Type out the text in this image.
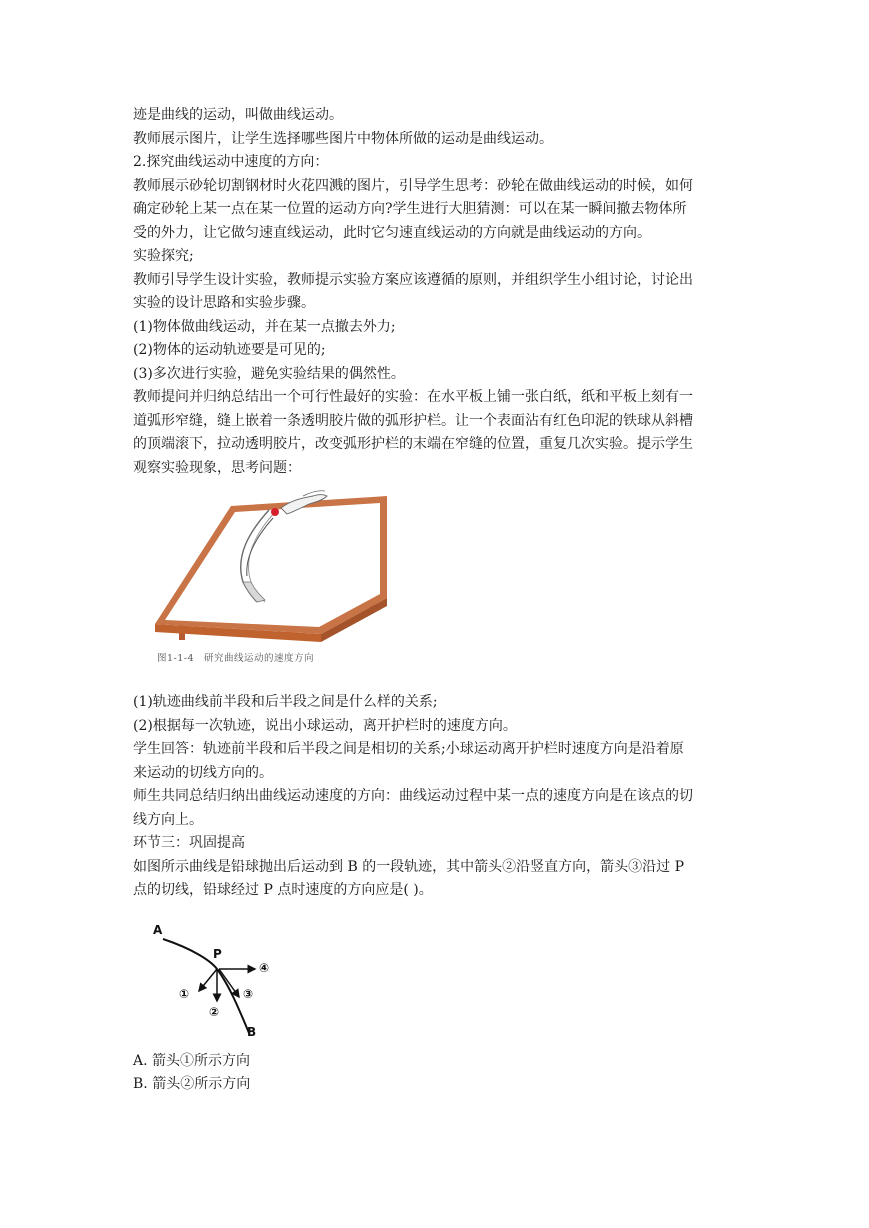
迹是曲线的运动，叫做曲线运动。
教师展示图片，让学生选择哪些图片中物体所做的运动是曲线运动。
2.探究曲线运动中速度的方向：
教师展示砂轮切割钢材时火花四溅的图片，引导学生思考：砂轮在做曲线运动的时候，如何
确定砂轮上某一点在某一位置的运动方向?学生进行大胆猜测：可以在某一瞬间撤去物体所
受的外力，让它做匀速直线运动，此时它匀速直线运动的方向就是曲线运动的方向。
实验探究;
教师引导学生设计实验，教师提示实验方案应该遵循的原则，并组织学生小组讨论，讨论出
实验的设计思路和实验步骤。
(1)物体做曲线运动，并在某一点撤去外力;
(2)物体的运动轨迹要是可见的;
(3)多次进行实验，避免实验结果的偶然性。
教师提问并归纳总结出一个可行性最好的实验：在水平板上铺一张白纸，纸和平板上刻有一
道弧形窄缝，缝上嵌着一条透明胶片做的弧形护栏。让一个表面沾有红色印泥的铁球从斜槽
的顶端滚下，拉动透明胶片，改变弧形护栏的末端在窄缝的位置，重复几次实验。提示学生
观察实验现象，思考问题：
图1-1-4　研究曲线运动的速度方向
(1)轨迹曲线前半段和后半段之间是什么样的关系;
(2)根据每一次轨迹，说出小球运动，离开护栏时的速度方向。
学生回答：轨迹前半段和后半段之间是相切的关系;小球运动离开护栏时速度方向是沿着原
来运动的切线方向的。
师生共同总结归纳出曲线运动速度的方向：曲线运动过程中某一点的速度方向是在该点的切
线方向上。
环节三：巩固提高
如图所示曲线是铅球抛出后运动到 B 的一段轨迹，其中箭头②沿竖直方向，箭头③沿过 P
点的切线，铅球经过 P 点时速度的方向应是( )。
A
P
B
①
②
③
④
A. 箭头①所示方向
B. 箭头②所示方向
